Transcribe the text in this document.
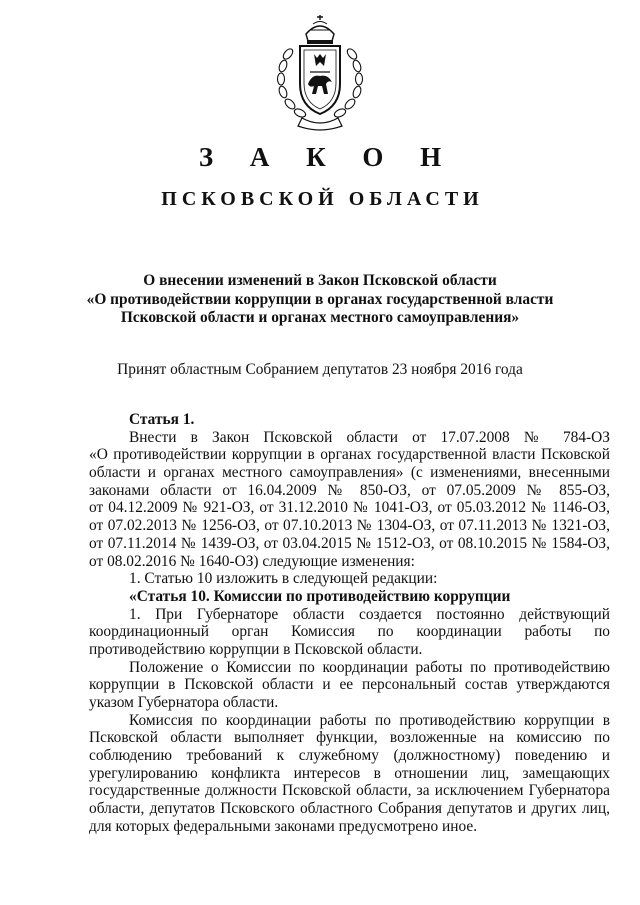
З А К О Н
ПСКОВСКОЙ ОБЛАСТИ
О внесении изменений в Закон Псковской области
«О противодействии коррупции в органах государственной власти
Псковской области и органах местного самоуправления»
Принят областным Собранием депутатов 23 ноября 2016 года
Статья 1.
Внести в Закон Псковской области от 17.07.2008 № 784-ОЗ
«О противодействии коррупции в органах государственной власти Псковской
области и органах местного самоуправления» (с изменениями, внесенными
законами области от 16.04.2009 № 850-ОЗ, от 07.05.2009 № 855-ОЗ,
от 04.12.2009 № 921-ОЗ, от 31.12.2010 № 1041-ОЗ, от 05.03.2012 № 1146-ОЗ,
от 07.02.2013 № 1256-ОЗ, от 07.10.2013 № 1304-ОЗ, от 07.11.2013 № 1321-ОЗ,
от 07.11.2014 № 1439-ОЗ, от 03.04.2015 № 1512-ОЗ, от 08.10.2015 № 1584-ОЗ,
от 08.02.2016 № 1640-ОЗ) следующие изменения:
1. Статью 10 изложить в следующей редакции:
«Статья 10. Комиссии по противодействию коррупции
1. При Губернаторе области создается постоянно действующий
координационный орган Комиссия по координации работы по
противодействию коррупции в Псковской области.
Положение о Комиссии по координации работы по противодействию
коррупции в Псковской области и ее персональный состав утверждаются
указом Губернатора области.
Комиссия по координации работы по противодействию коррупции в
Псковской области выполняет функции, возложенные на комиссию по
соблюдению требований к служебному (должностному) поведению и
урегулированию конфликта интересов в отношении лиц, замещающих
государственные должности Псковской области, за исключением Губернатора
области, депутатов Псковского областного Собрания депутатов и других лиц,
для которых федеральными законами предусмотрено иное.
